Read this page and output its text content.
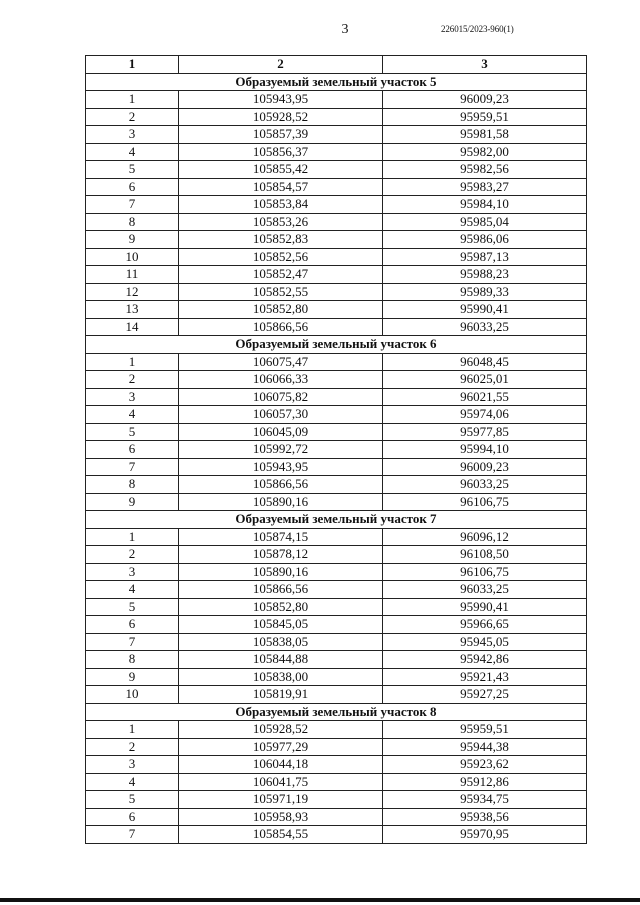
3	226015/2023-960(1)
1	2	3
Образуемый земельный участок 5		
1	105943,95	96009,23
2	105928,52	95959,51
3	105857,39	95981,58
4	105856,37	95982,00
5	105855,42	95982,56
6	105854,57	95983,27
7	105853,84	95984,10
8	105853,26	95985,04
9	105852,83	95986,06
10	105852,56	95987,13
11	105852,47	95988,23
12	105852,55	95989,33
13	105852,80	95990,41
14	105866,56	96033,25
Образуемый земельный участок 6		
1	106075,47	96048,45
2	106066,33	96025,01
3	106075,82	96021,55
4	106057,30	95974,06
5	106045,09	95977,85
6	105992,72	95994,10
7	105943,95	96009,23
8	105866,56	96033,25
9	105890,16	96106,75
Образуемый земельный участок 7		
1	105874,15	96096,12
2	105878,12	96108,50
3	105890,16	96106,75
4	105866,56	96033,25
5	105852,80	95990,41
6	105845,05	95966,65
7	105838,05	95945,05
8	105844,88	95942,86
9	105838,00	95921,43
10	105819,91	95927,25
Образуемый земельный участок 8		
1	105928,52	95959,51
2	105977,29	95944,38
3	106044,18	95923,62
4	106041,75	95912,86
5	105971,19	95934,75
6	105958,93	95938,56
7	105854,55	95970,95
